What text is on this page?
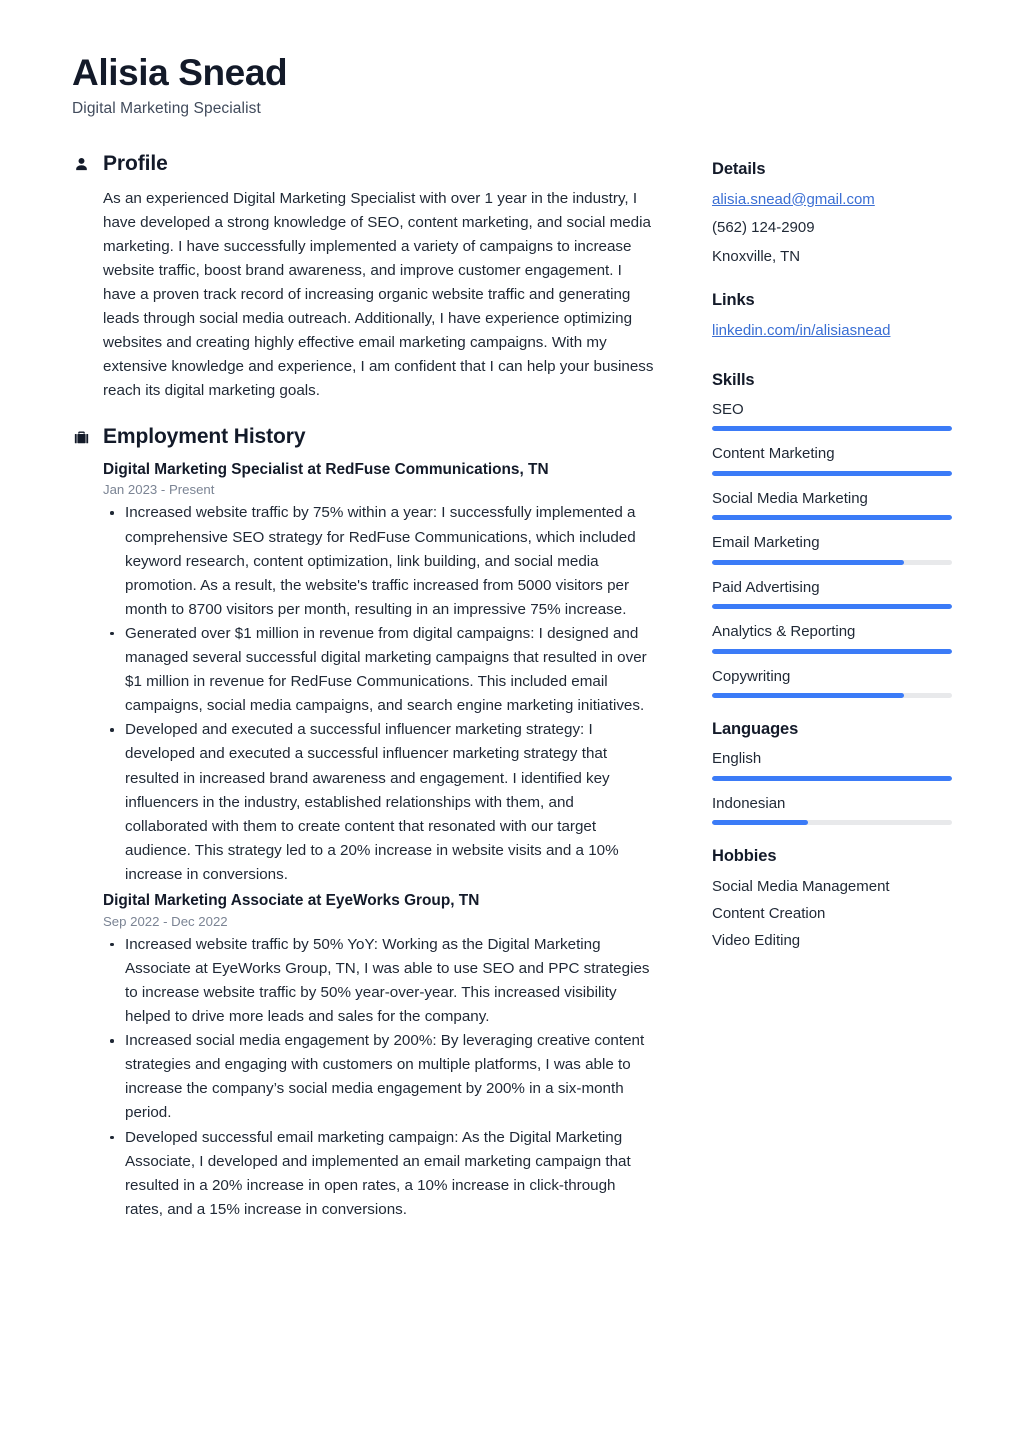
Alisia Snead
Digital Marketing Specialist
Profile

As an experienced Digital Marketing Specialist with over 1 year in the industry, I have developed a strong knowledge of SEO, content marketing, and social media marketing. I have successfully implemented a variety of campaigns to increase website traffic, boost brand awareness, and improve customer engagement. I have a proven track record of increasing organic website traffic and generating leads through social media outreach. Additionally, I have experience optimizing websites and creating highly effective email marketing campaigns. With my extensive knowledge and experience, I am confident that I can help your business reach its digital marketing goals.

Employment History
Digital Marketing Specialist at RedFuse Communications, TN
Jan 2023 - Present
Increased website traffic by 75% within a year: I successfully implemented a comprehensive SEO strategy for RedFuse Communications, which included keyword research, content optimization, link building, and social media promotion. As a result, the website's traffic increased from 5000 visitors per month to 8700 visitors per month, resulting in an impressive 75% increase.
Generated over $1 million in revenue from digital campaigns: I designed and managed several successful digital marketing campaigns that resulted in over $1 million in revenue for RedFuse Communications. This included email campaigns, social media campaigns, and search engine marketing initiatives.
Developed and executed a successful influencer marketing strategy: I developed and executed a successful influencer marketing strategy that resulted in increased brand awareness and engagement. I identified key influencers in the industry, established relationships with them, and collaborated with them to create content that resonated with our target audience. This strategy led to a 20% increase in website visits and a 10% increase in conversions.
Digital Marketing Associate at EyeWorks Group, TN
Sep 2022 - Dec 2022
Increased website traffic by 50% YoY: Working as the Digital Marketing Associate at EyeWorks Group, TN, I was able to use SEO and PPC strategies to increase website traffic by 50% year-over-year. This increased visibility helped to drive more leads and sales for the company.
Increased social media engagement by 200%: By leveraging creative content strategies and engaging with customers on multiple platforms, I was able to increase the company’s social media engagement by 200% in a six-month period.
Developed successful email marketing campaign: As the Digital Marketing Associate, I developed and implemented an email marketing campaign that resulted in a 20% increase in open rates, a 10% increase in click-through rates, and a 15% increase in conversions.
Details
alisia.snead@gmail.com
(562) 124-2909
Knoxville, TN
Links
linkedin.com/in/alisiasnead
Skills
SEO
Content Marketing
Social Media Marketing
Email Marketing
Paid Advertising
Analytics & Reporting
Copywriting
Languages
English
Indonesian
Hobbies
Social Media Management
Content Creation
Video Editing
